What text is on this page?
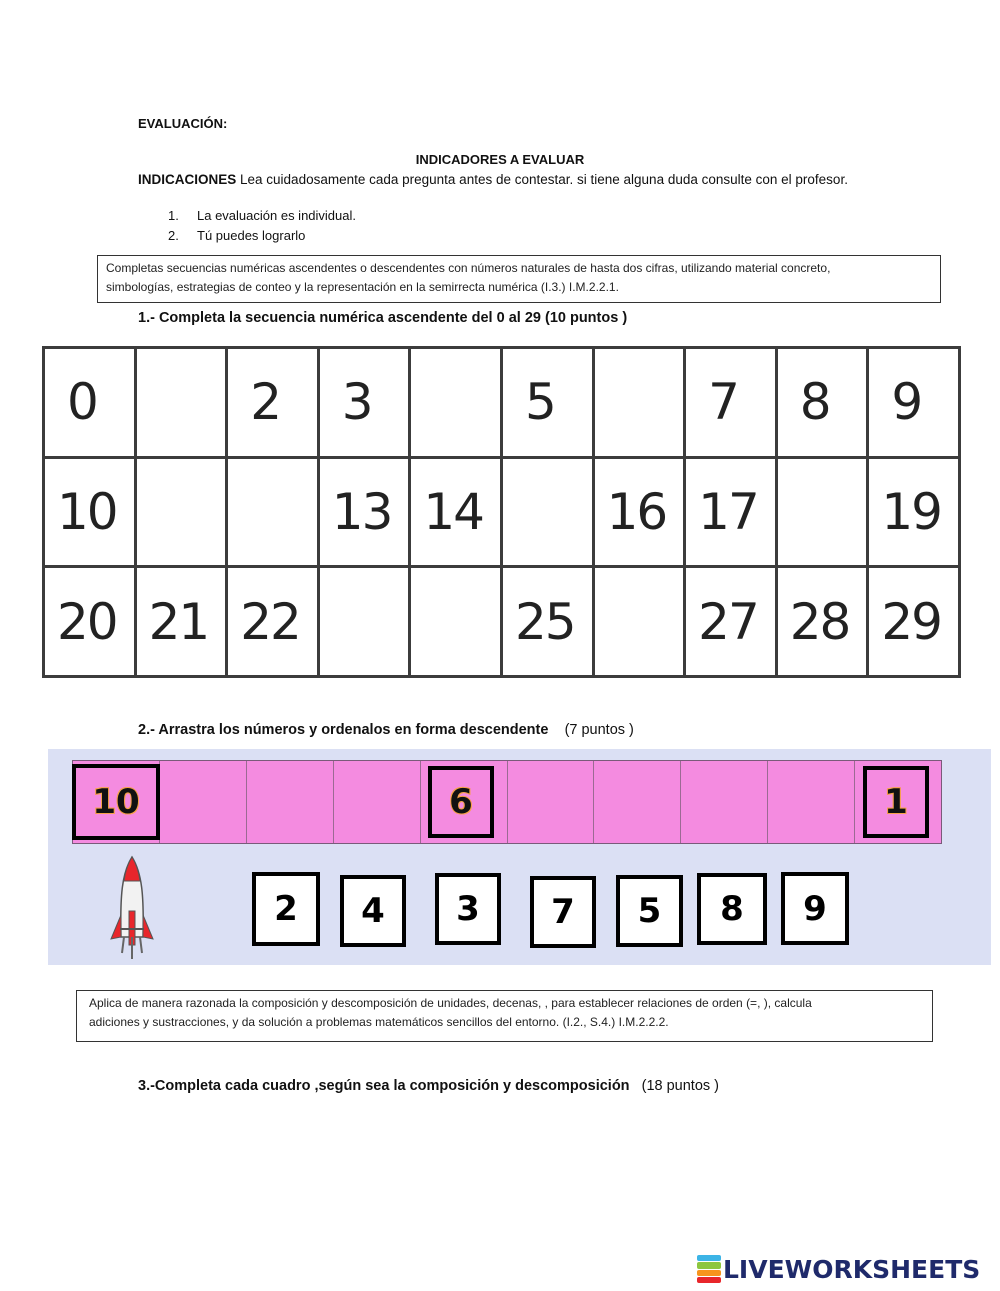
EVALUACIÓN:
INDICADORES A EVALUAR
INDICACIONES Lea cuidadosamente cada pregunta antes de contestar. si tiene alguna duda consulte con el profesor.
1. La evaluación es individual.
2. Tú puedes lograrlo
Completas secuencias numéricas ascendentes o descendentes con números naturales de hasta dos cifras, utilizando material concreto,
simbologías, estrategias de conteo y la representación en la semirrecta numérica (I.3.) I.M.2.2.1.
1.- Completa la secuencia numérica ascendente del 0 al 29 (10 puntos )
0		2	3		5		7	8	9
10			13	14		16	17		19
20	21	22			25		27	28	29
2.- Arrastra los números y ordenalos en forma descendente (7 puntos )
10	6	1
2 4 3 7 5 8 9
Aplica de manera razonada la composición y descomposición de unidades, decenas, , para establecer relaciones de orden (=, ), calcula
adiciones y sustracciones, y da solución a problemas matemáticos sencillos del entorno. (I.2., S.4.) I.M.2.2.2.
3.-Completa cada cuadro ,según sea la composición y descomposición (18 puntos )
LIVEWORKSHEETS
